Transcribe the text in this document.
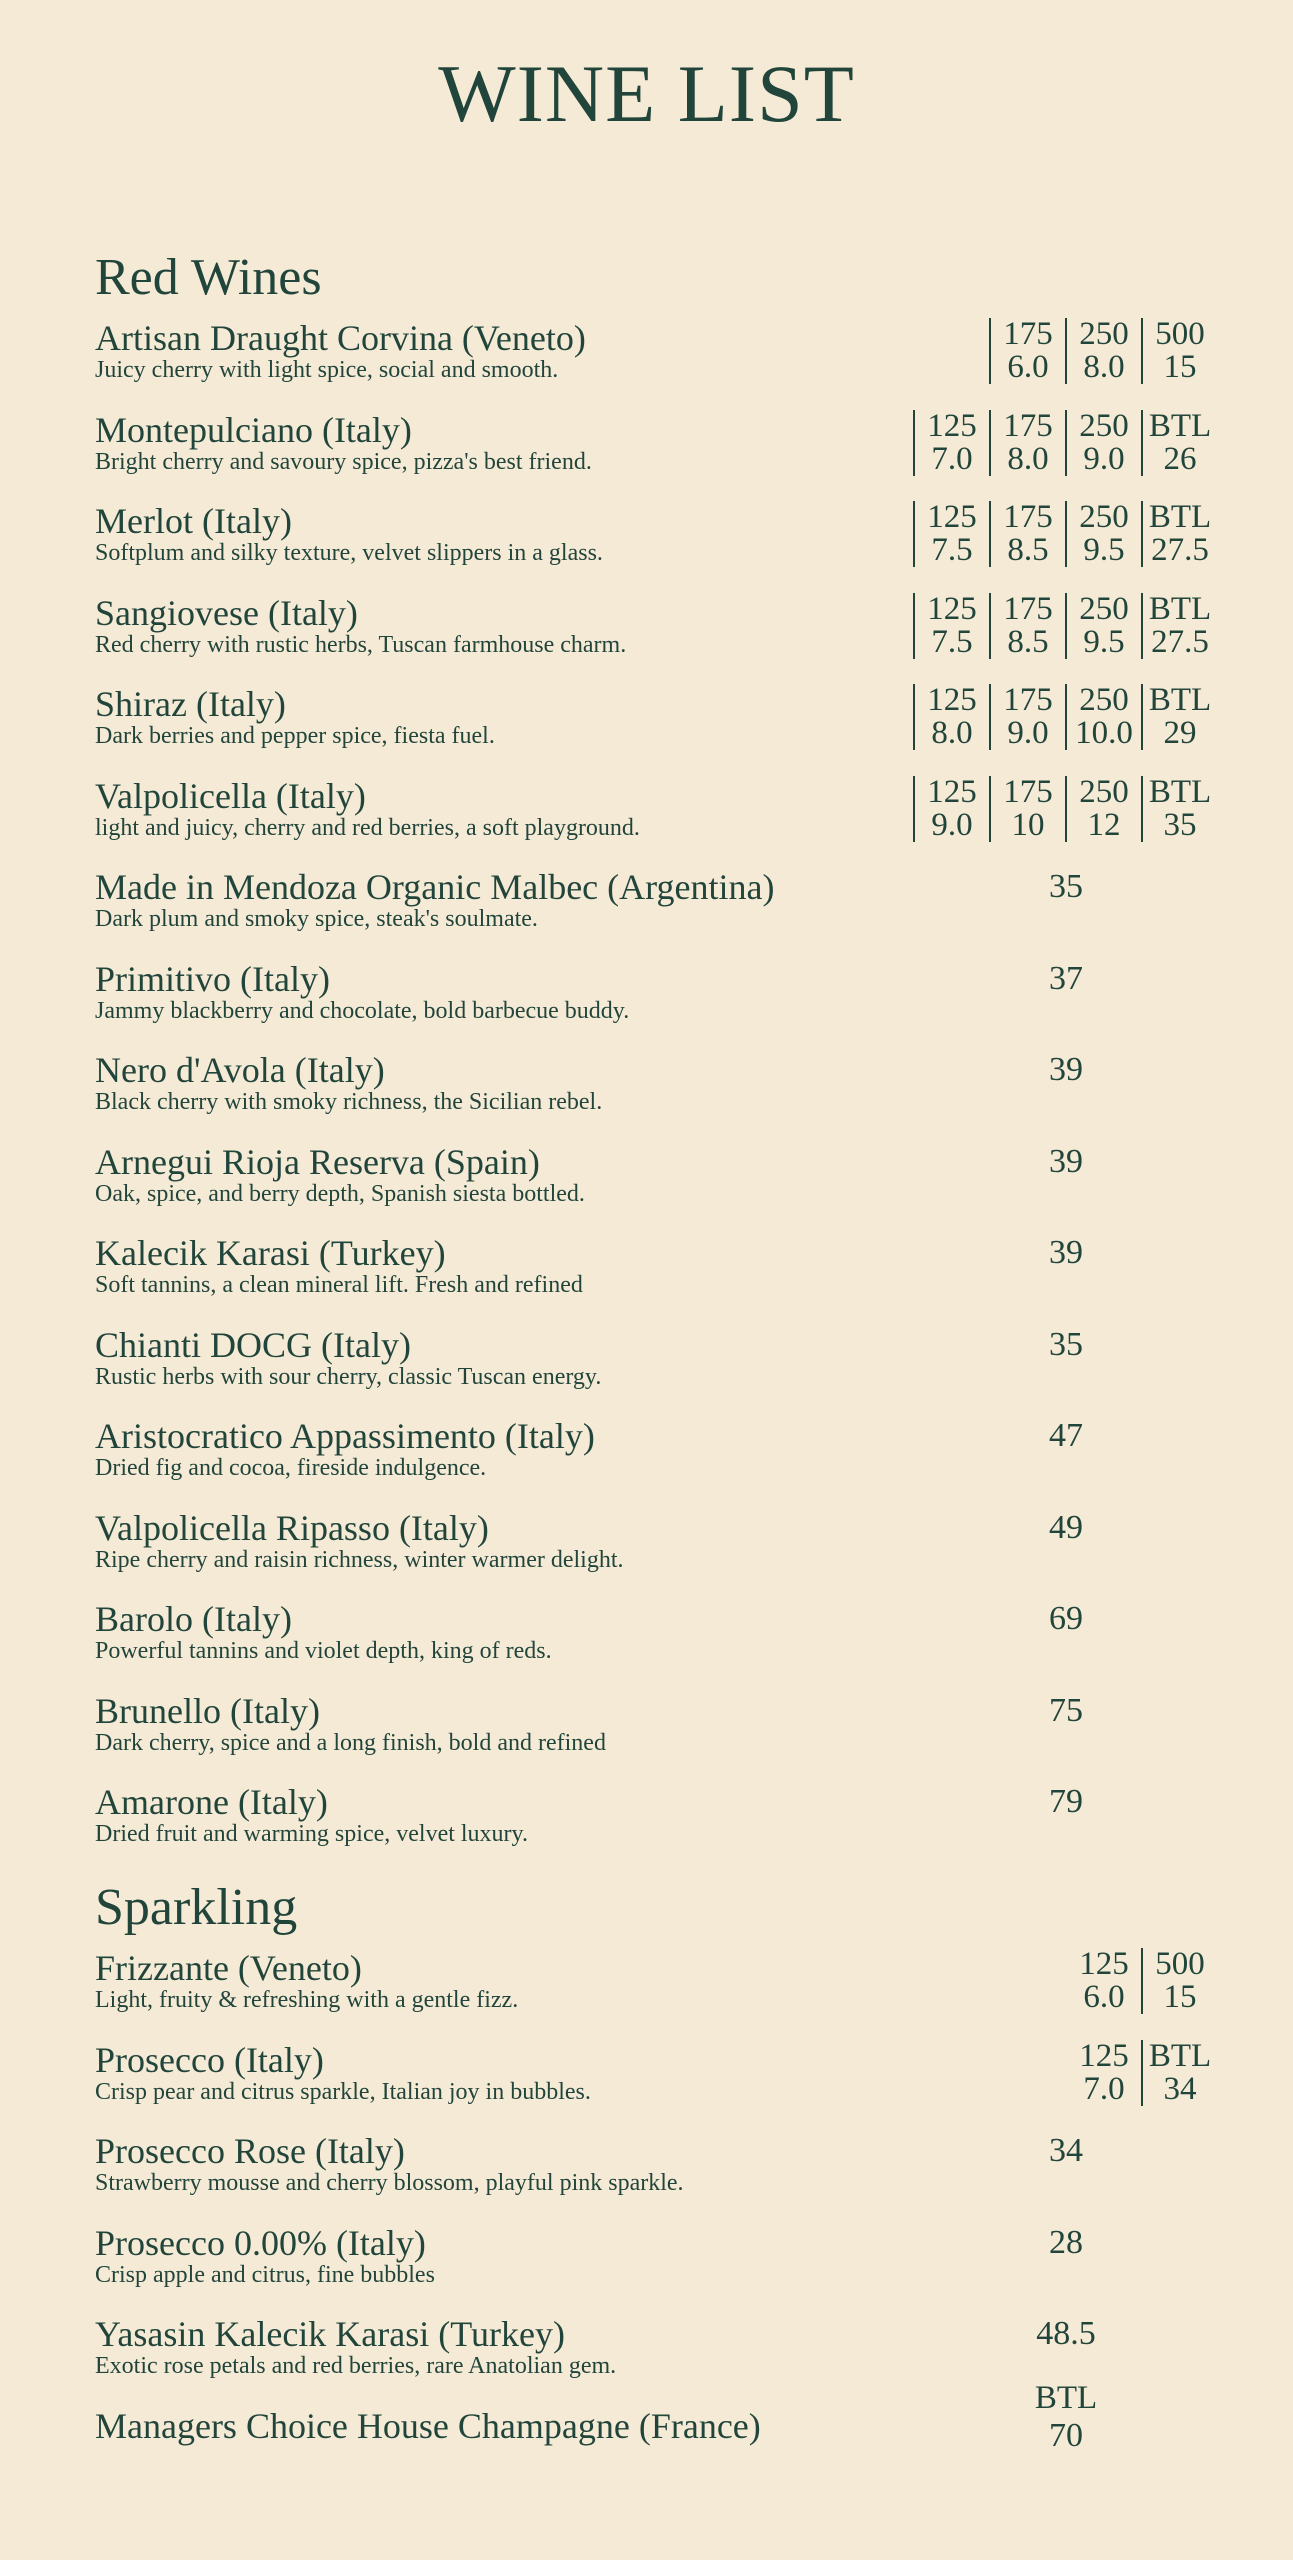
WINE LIST
Red Wines
Artisan Draught Corvina (Veneto)
Juicy cherry with light spice, social and smooth.
175
6.0
250
8.0
500
15
Montepulciano (Italy)
Bright cherry and savoury spice, pizza's best friend.
125
7.0
175
8.0
250
9.0
BTL
26
Merlot (Italy)
Softplum and silky texture, velvet slippers in a glass.
125
7.5
175
8.5
250
9.5
BTL
27.5
Sangiovese (Italy)
Red cherry with rustic herbs, Tuscan farmhouse charm.
125
7.5
175
8.5
250
9.5
BTL
27.5
Shiraz (Italy)
Dark berries and pepper spice, fiesta fuel.
125
8.0
175
9.0
250
10.0
BTL
29
Valpolicella (Italy)
light and juicy, cherry and red berries, a soft playground.
125
9.0
175
10
250
12
BTL
35
Made in Mendoza Organic Malbec (Argentina)
Dark plum and smoky spice, steak's soulmate.
35
Primitivo (Italy)
Jammy blackberry and chocolate, bold barbecue buddy.
37
Nero d'Avola (Italy)
Black cherry with smoky richness, the Sicilian rebel.
39
Arnegui Rioja Reserva (Spain)
Oak, spice, and berry depth, Spanish siesta bottled.
39
Kalecik Karasi (Turkey)
Soft tannins, a clean mineral lift. Fresh and refined
39
Chianti DOCG (Italy)
Rustic herbs with sour cherry, classic Tuscan energy.
35
Aristocratico Appassimento (Italy)
Dried fig and cocoa, fireside indulgence.
47
Valpolicella Ripasso (Italy)
Ripe cherry and raisin richness, winter warmer delight.
49
Barolo (Italy)
Powerful tannins and violet depth, king of reds.
69
Brunello (Italy)
Dark cherry, spice and a long finish, bold and refined
75
Amarone (Italy)
Dried fruit and warming spice, velvet luxury.
79
Sparkling
Frizzante (Veneto)
Light, fruity & refreshing with a gentle fizz.
125
6.0
500
15
Prosecco (Italy)
Crisp pear and citrus sparkle, Italian joy in bubbles.
125
7.0
BTL
34
Prosecco Rose (Italy)
Strawberry mousse and cherry blossom, playful pink sparkle.
34
Prosecco 0.00% (Italy)
Crisp apple and citrus, fine bubbles
28
Yasasin Kalecik Karasi (Turkey)
Exotic rose petals and red berries, rare Anatolian gem.
48.5
Managers Choice House Champagne (France)
BTL
70
